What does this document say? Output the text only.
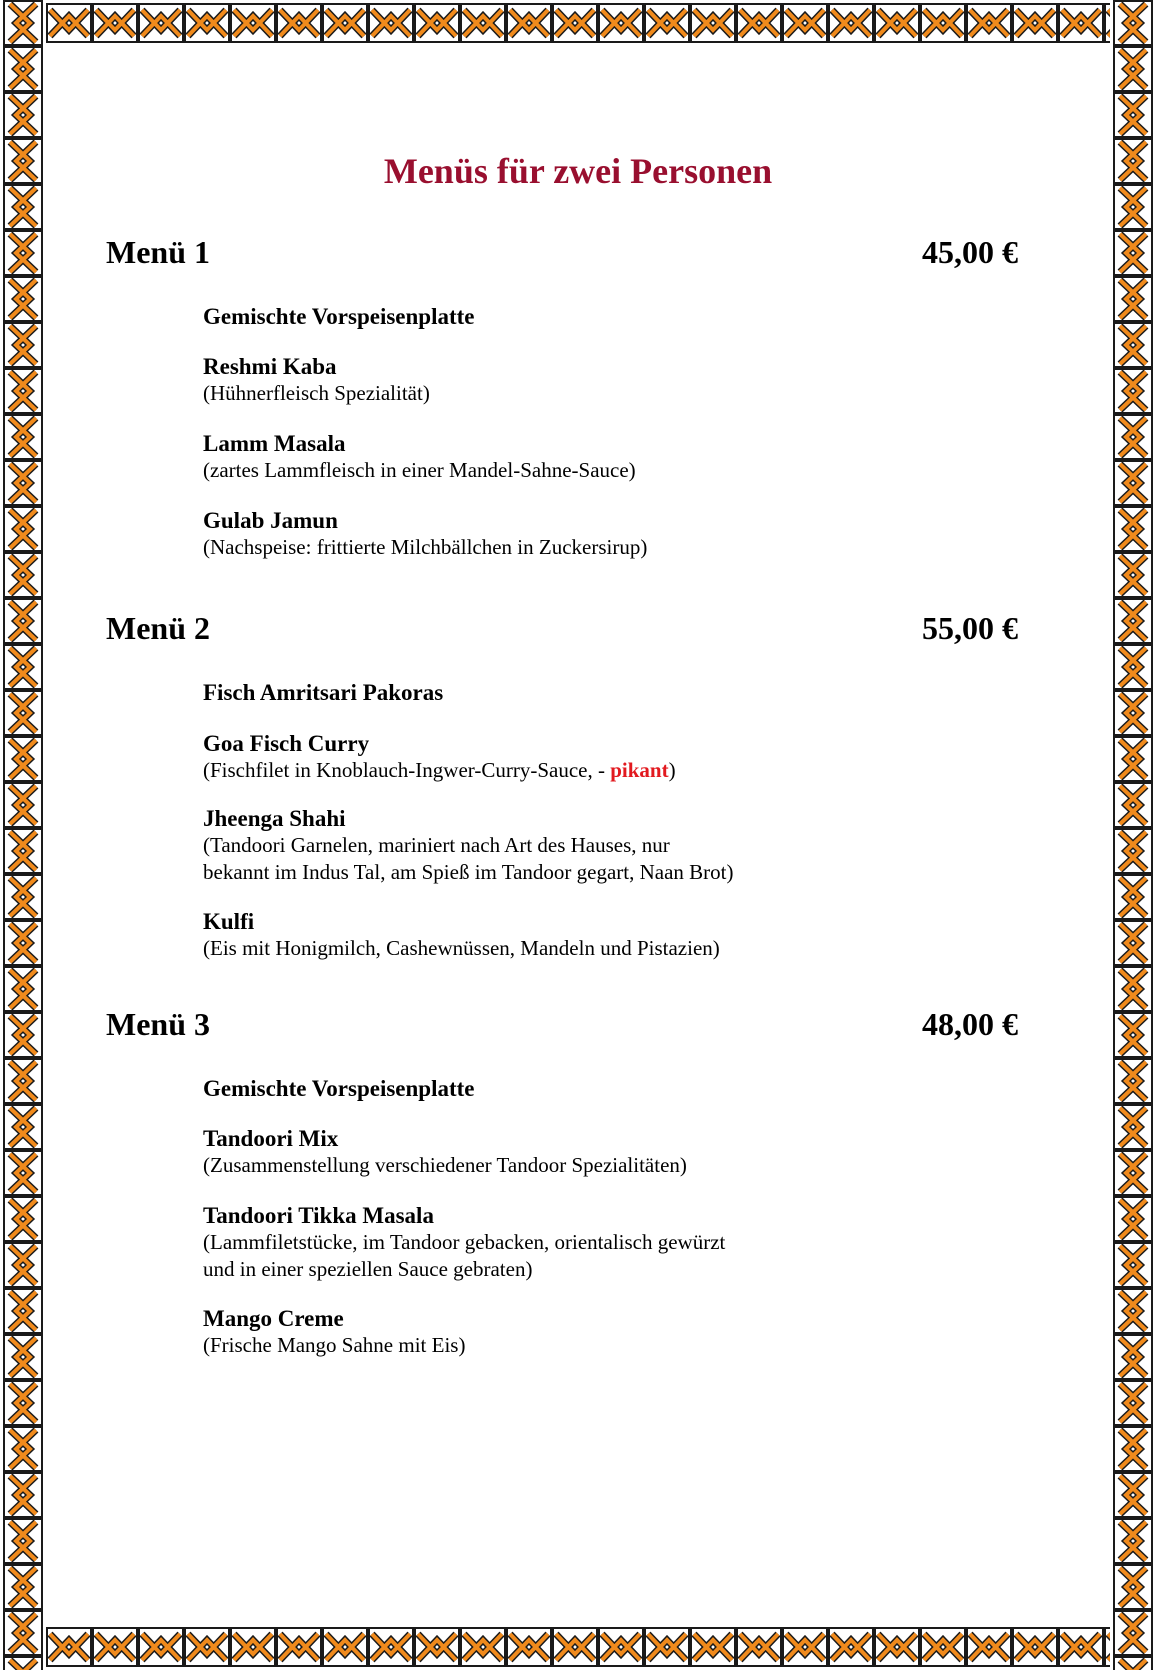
Menüs für zwei Personen
Menü 1	45,00 €
Gemischte Vorspeisenplatte
Reshmi Kaba
(Hühnerfleisch Spezialität)
Lamm Masala
(zartes Lammfleisch in einer Mandel-Sahne-Sauce)
Gulab Jamun
(Nachspeise: frittierte Milchbällchen in Zuckersirup)
Menü 2	55,00 €
Fisch Amritsari Pakoras
Goa Fisch Curry
(Fischfilet in Knoblauch-Ingwer-Curry-Sauce, - pikant)
Jheenga Shahi
(Tandoori Garnelen, mariniert nach Art des Hauses, nur
bekannt im Indus Tal, am Spieß im Tandoor gegart, Naan Brot)
Kulfi
(Eis mit Honigmilch, Cashewnüssen, Mandeln und Pistazien)
Menü 3	48,00 €
Gemischte Vorspeisenplatte
Tandoori Mix
(Zusammenstellung verschiedener Tandoor Spezialitäten)
Tandoori Tikka Masala
(Lammfiletstücke, im Tandoor gebacken, orientalisch gewürzt
und in einer speziellen Sauce gebraten)
Mango Creme
(Frische Mango Sahne mit Eis)
